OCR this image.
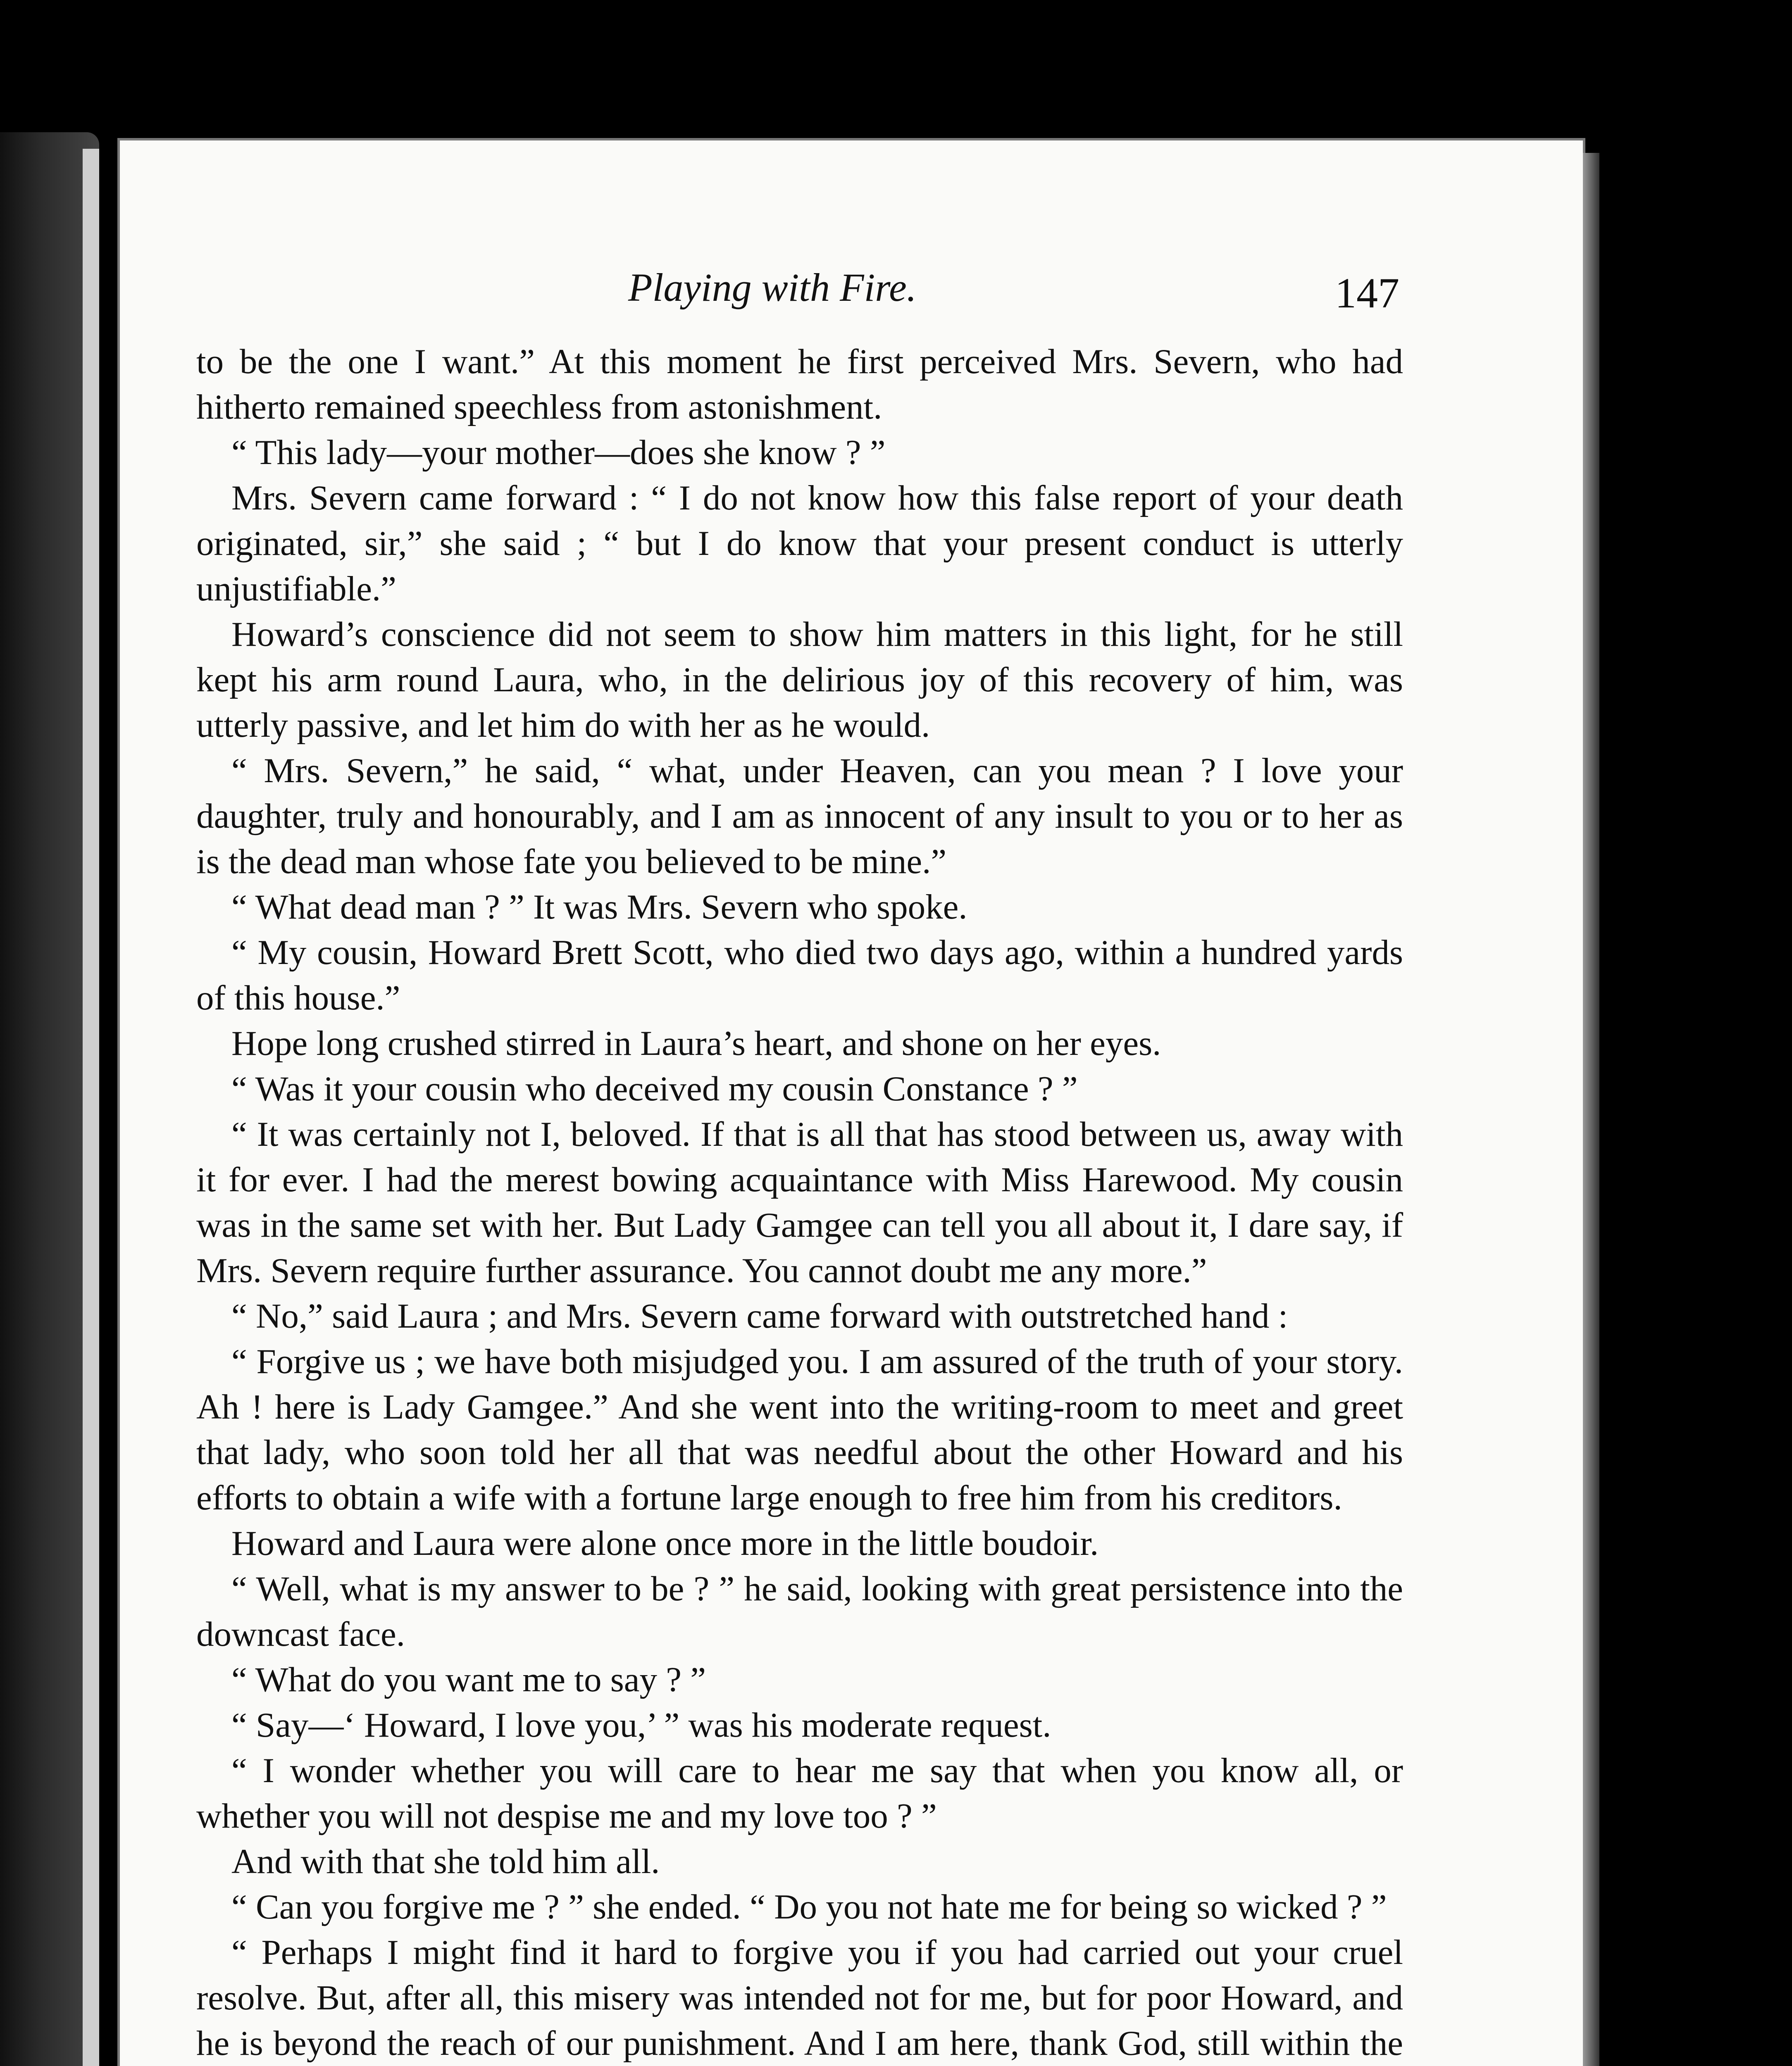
Playing with Fire.	147

to be the one I want.” At this moment he first perceived Mrs. Severn, who had hitherto remained speechless from astonishment.

“ This lady—your mother—does she know ? ”

Mrs. Severn came forward : “ I do not know how this false report of your death originated, sir,” she said ; “ but I do know that your present conduct is utterly unjustifiable.”

Howard’s conscience did not seem to show him matters in this light, for he still kept his arm round Laura, who, in the delirious joy of this recovery of him, was utterly passive, and let him do with her as he would.

“ Mrs. Severn,” he said, “ what, under Heaven, can you mean ? I love your daughter, truly and honourably, and I am as innocent of any insult to you or to her as is the dead man whose fate you believed to be mine.”

“ What dead man ? ” It was Mrs. Severn who spoke.

“ My cousin, Howard Brett Scott, who died two days ago, within a hundred yards of this house.”

Hope long crushed stirred in Laura’s heart, and shone on her eyes.

“ Was it your cousin who deceived my cousin Constance ? ”

“ It was certainly not I, beloved. If that is all that has stood between us, away with it for ever. I had the merest bowing acquaintance with Miss Harewood. My cousin was in the same set with her. But Lady Gamgee can tell you all about it, I dare say, if Mrs. Severn require further assurance. You cannot doubt me any more.”

“ No,” said Laura ; and Mrs. Severn came forward with outstretched hand :

“ Forgive us ; we have both misjudged you. I am assured of the truth of your story. Ah ! here is Lady Gamgee.” And she went into the writing-room to meet and greet that lady, who soon told her all that was needful about the other Howard and his efforts to obtain a wife with a fortune large enough to free him from his creditors.

Howard and Laura were alone once more in the little boudoir.

“ Well, what is my answer to be ? ” he said, looking with great persistence into the downcast face.

“ What do you want me to say ? ”

“ Say—‘ Howard, I love you,’ ” was his moderate request.

“ I wonder whether you will care to hear me say that when you know all, or whether you will not despise me and my love too ? ”

And with that she told him all.

“ Can you forgive me ? ” she ended. “ Do you not hate me for being so wicked ? ”

“ Perhaps I might find it hard to forgive you if you had carried out your cruel resolve. But, after all, this misery was intended not for me, but for poor Howard, and he is beyond the reach of our punishment. And I am here, thank God, still within the
